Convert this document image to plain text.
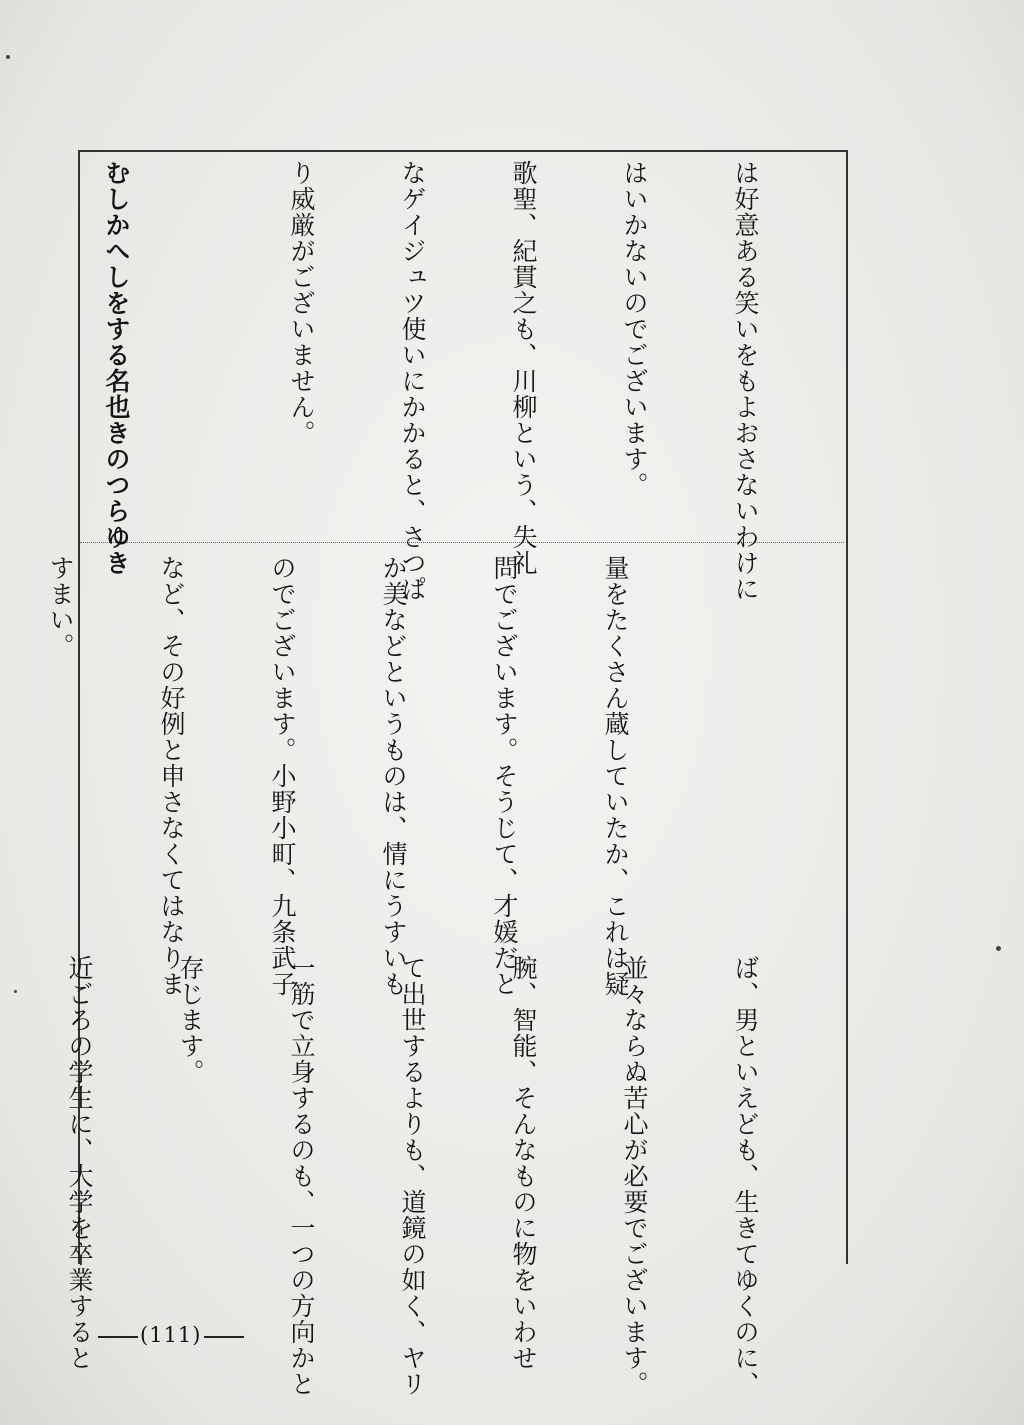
は好意ある笑いをもよおさないわけに

はいかないのでございます。

歌聖、紀貫之も、川柳という、失礼

なゲイジュツ使いにかかると、さつぱ

り威厳がございません。

むしかへしをする名也きのつらゆき

量をたくさん蔵していたか、これは疑

問でございます。そうじて、才媛だと

か美などというものは、情にうすいも

のでございます。小野小町、九条武子

など、その好例と申さなくてはなりま

すまい。

ば、男といえども、生きてゆくのに、

並々ならぬ苦心が必要でございます。

腕、智能、そんなものに物をいわせ

て出世するよりも、道鏡の如く、ヤリ

一筋で立身するのも、一つの方向かと

存じます。

近ごろの学生に、大学を卒業すると

	(111)
